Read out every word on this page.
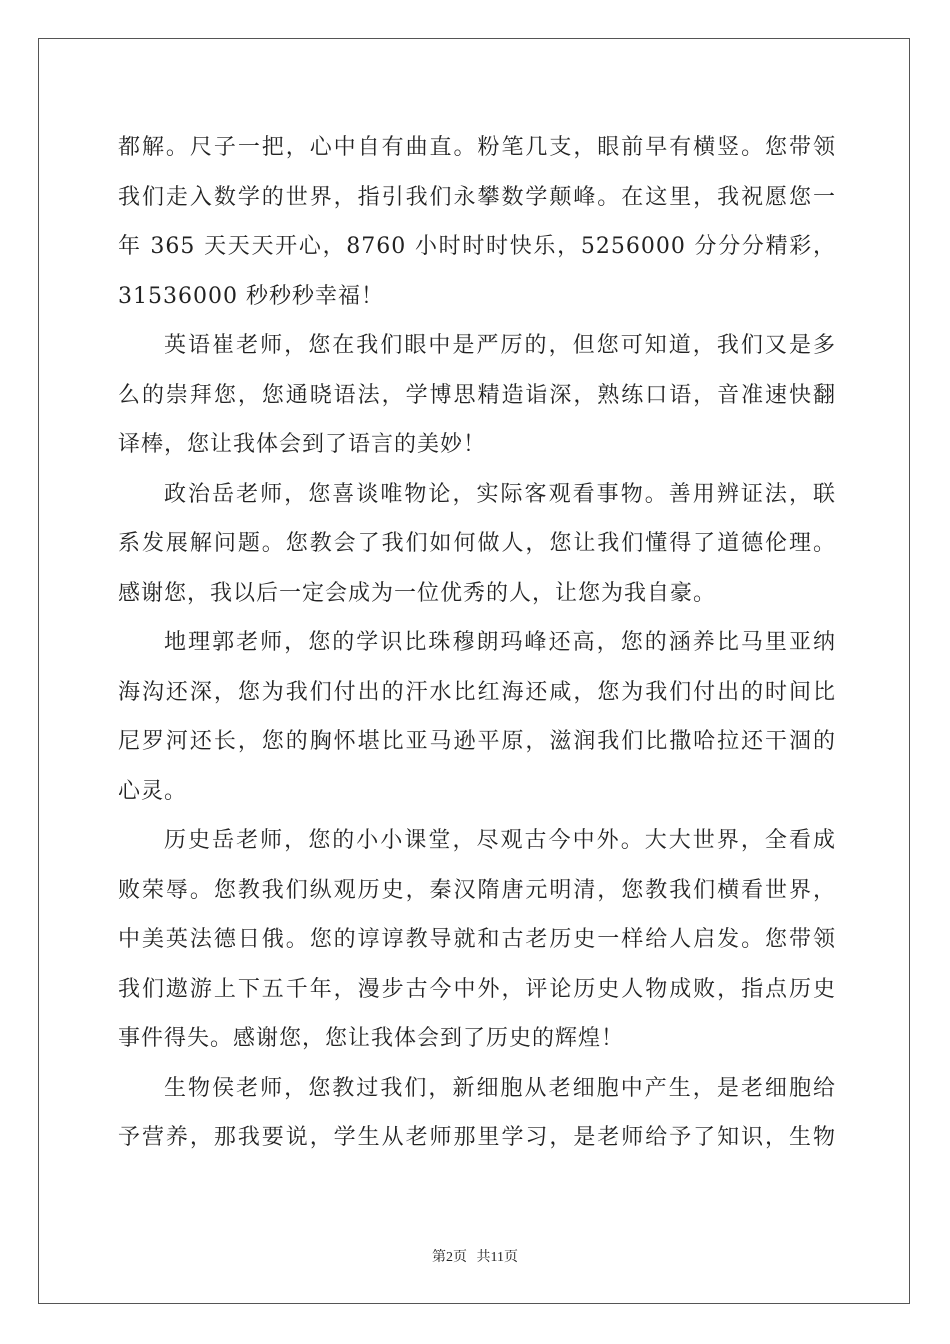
都解。尺子一把，心中自有曲直。粉笔几支，眼前早有横竖。您带领
我们走入数学的世界，指引我们永攀数学颠峰。在这里，我祝愿您一
年 365 天天天开心，8760 小时时时快乐，5256000 分分分精彩，
31536000 秒秒秒幸福！
英语崔老师，您在我们眼中是严厉的，但您可知道，我们又是多
么的崇拜您，您通晓语法，学博思精造诣深，熟练口语，音准速快翻
译棒，您让我体会到了语言的美妙！
政治岳老师，您喜谈唯物论，实际客观看事物。善用辨证法，联
系发展解问题。您教会了我们如何做人，您让我们懂得了道德伦理。
感谢您，我以后一定会成为一位优秀的人，让您为我自豪。
地理郭老师，您的学识比珠穆朗玛峰还高，您的涵养比马里亚纳
海沟还深，您为我们付出的汗水比红海还咸，您为我们付出的时间比
尼罗河还长，您的胸怀堪比亚马逊平原，滋润我们比撒哈拉还干涸的
心灵。
历史岳老师，您的小小课堂，尽观古今中外。大大世界，全看成
败荣辱。您教我们纵观历史，秦汉隋唐元明清，您教我们横看世界，
中美英法德日俄。您的谆谆教导就和古老历史一样给人启发。您带领
我们遨游上下五千年，漫步古今中外，评论历史人物成败，指点历史
事件得失。感谢您，您让我体会到了历史的辉煌！
生物侯老师，您教过我们，新细胞从老细胞中产生，是老细胞给
予营养，那我要说，学生从老师那里学习，是老师给予了知识，生物
第2页 共11页
